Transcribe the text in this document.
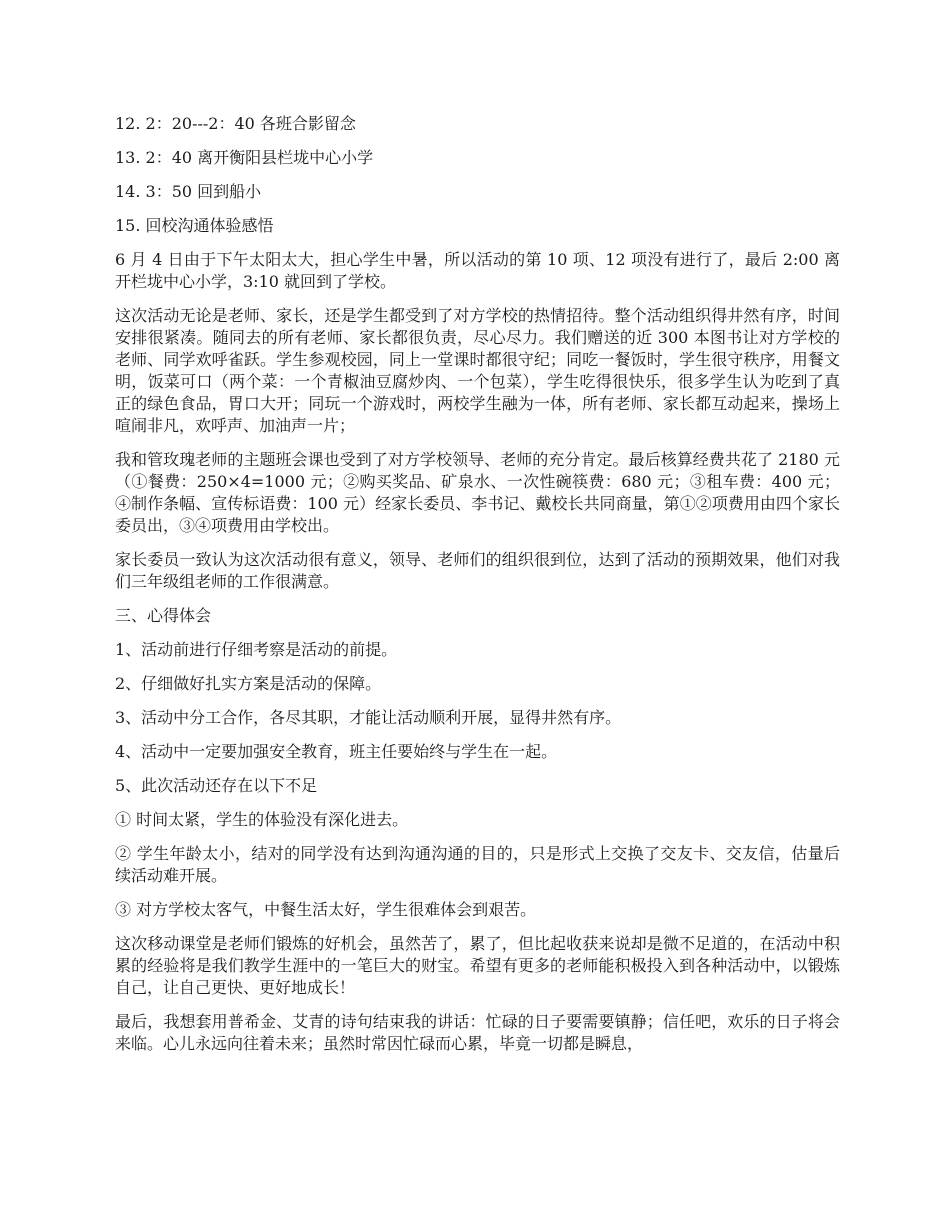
12. 2：20---2：40 各班合影留念

13. 2：40 离开衡阳县栏垅中心小学

14. 3：50 回到船小

15. 回校沟通体验感悟

6 月 4 日由于下午太阳太大，担心学生中暑，所以活动的第 10 项、12 项没有进行了，最后 2:00 离开栏垅中心小学，3:10 就回到了学校。

这次活动无论是老师、家长，还是学生都受到了对方学校的热情招待。整个活动组织得井然有序，时间安排很紧凑。随同去的所有老师、家长都很负责，尽心尽力。我们赠送的近 300 本图书让对方学校的老师、同学欢呼雀跃。学生参观校园，同上一堂课时都很守纪；同吃一餐饭时，学生很守秩序，用餐文明，饭菜可口（两个菜：一个青椒油豆腐炒肉、一个包菜），学生吃得很快乐，很多学生认为吃到了真正的绿色食品，胃口大开；同玩一个游戏时，两校学生融为一体，所有老师、家长都互动起来，操场上喧闹非凡，欢呼声、加油声一片；

我和管玫瑰老师的主题班会课也受到了对方学校领导、老师的充分肯定。最后核算经费共花了 2180 元（①餐费：250×4=1000 元；②购买奖品、矿泉水、一次性碗筷费：680 元；③租车费：400 元；④制作条幅、宣传标语费：100 元）经家长委员、李书记、戴校长共同商量，第①②项费用由四个家长委员出，③④项费用由学校出。

家长委员一致认为这次活动很有意义，领导、老师们的组织很到位，达到了活动的预期效果，他们对我们三年级组老师的工作很满意。

三、心得体会

1、活动前进行仔细考察是活动的前提。

2、仔细做好扎实方案是活动的保障。

3、活动中分工合作，各尽其职，才能让活动顺利开展，显得井然有序。

4、活动中一定要加强安全教育，班主任要始终与学生在一起。

5、此次活动还存在以下不足

① 时间太紧，学生的体验没有深化进去。

② 学生年龄太小，结对的同学没有达到沟通沟通的目的，只是形式上交换了交友卡、交友信，估量后续活动难开展。

③ 对方学校太客气，中餐生活太好，学生很难体会到艰苦。

这次移动课堂是老师们锻炼的好机会，虽然苦了，累了，但比起收获来说却是微不足道的，在活动中积累的经验将是我们教学生涯中的一笔巨大的财宝。希望有更多的老师能积极投入到各种活动中，以锻炼自己，让自己更快、更好地成长！

最后，我想套用普希金、艾青的诗句结束我的讲话：忙碌的日子要需要镇静；信任吧，欢乐的日子将会来临。心儿永远向往着未来；虽然时常因忙碌而心累，毕竟一切都是瞬息，
